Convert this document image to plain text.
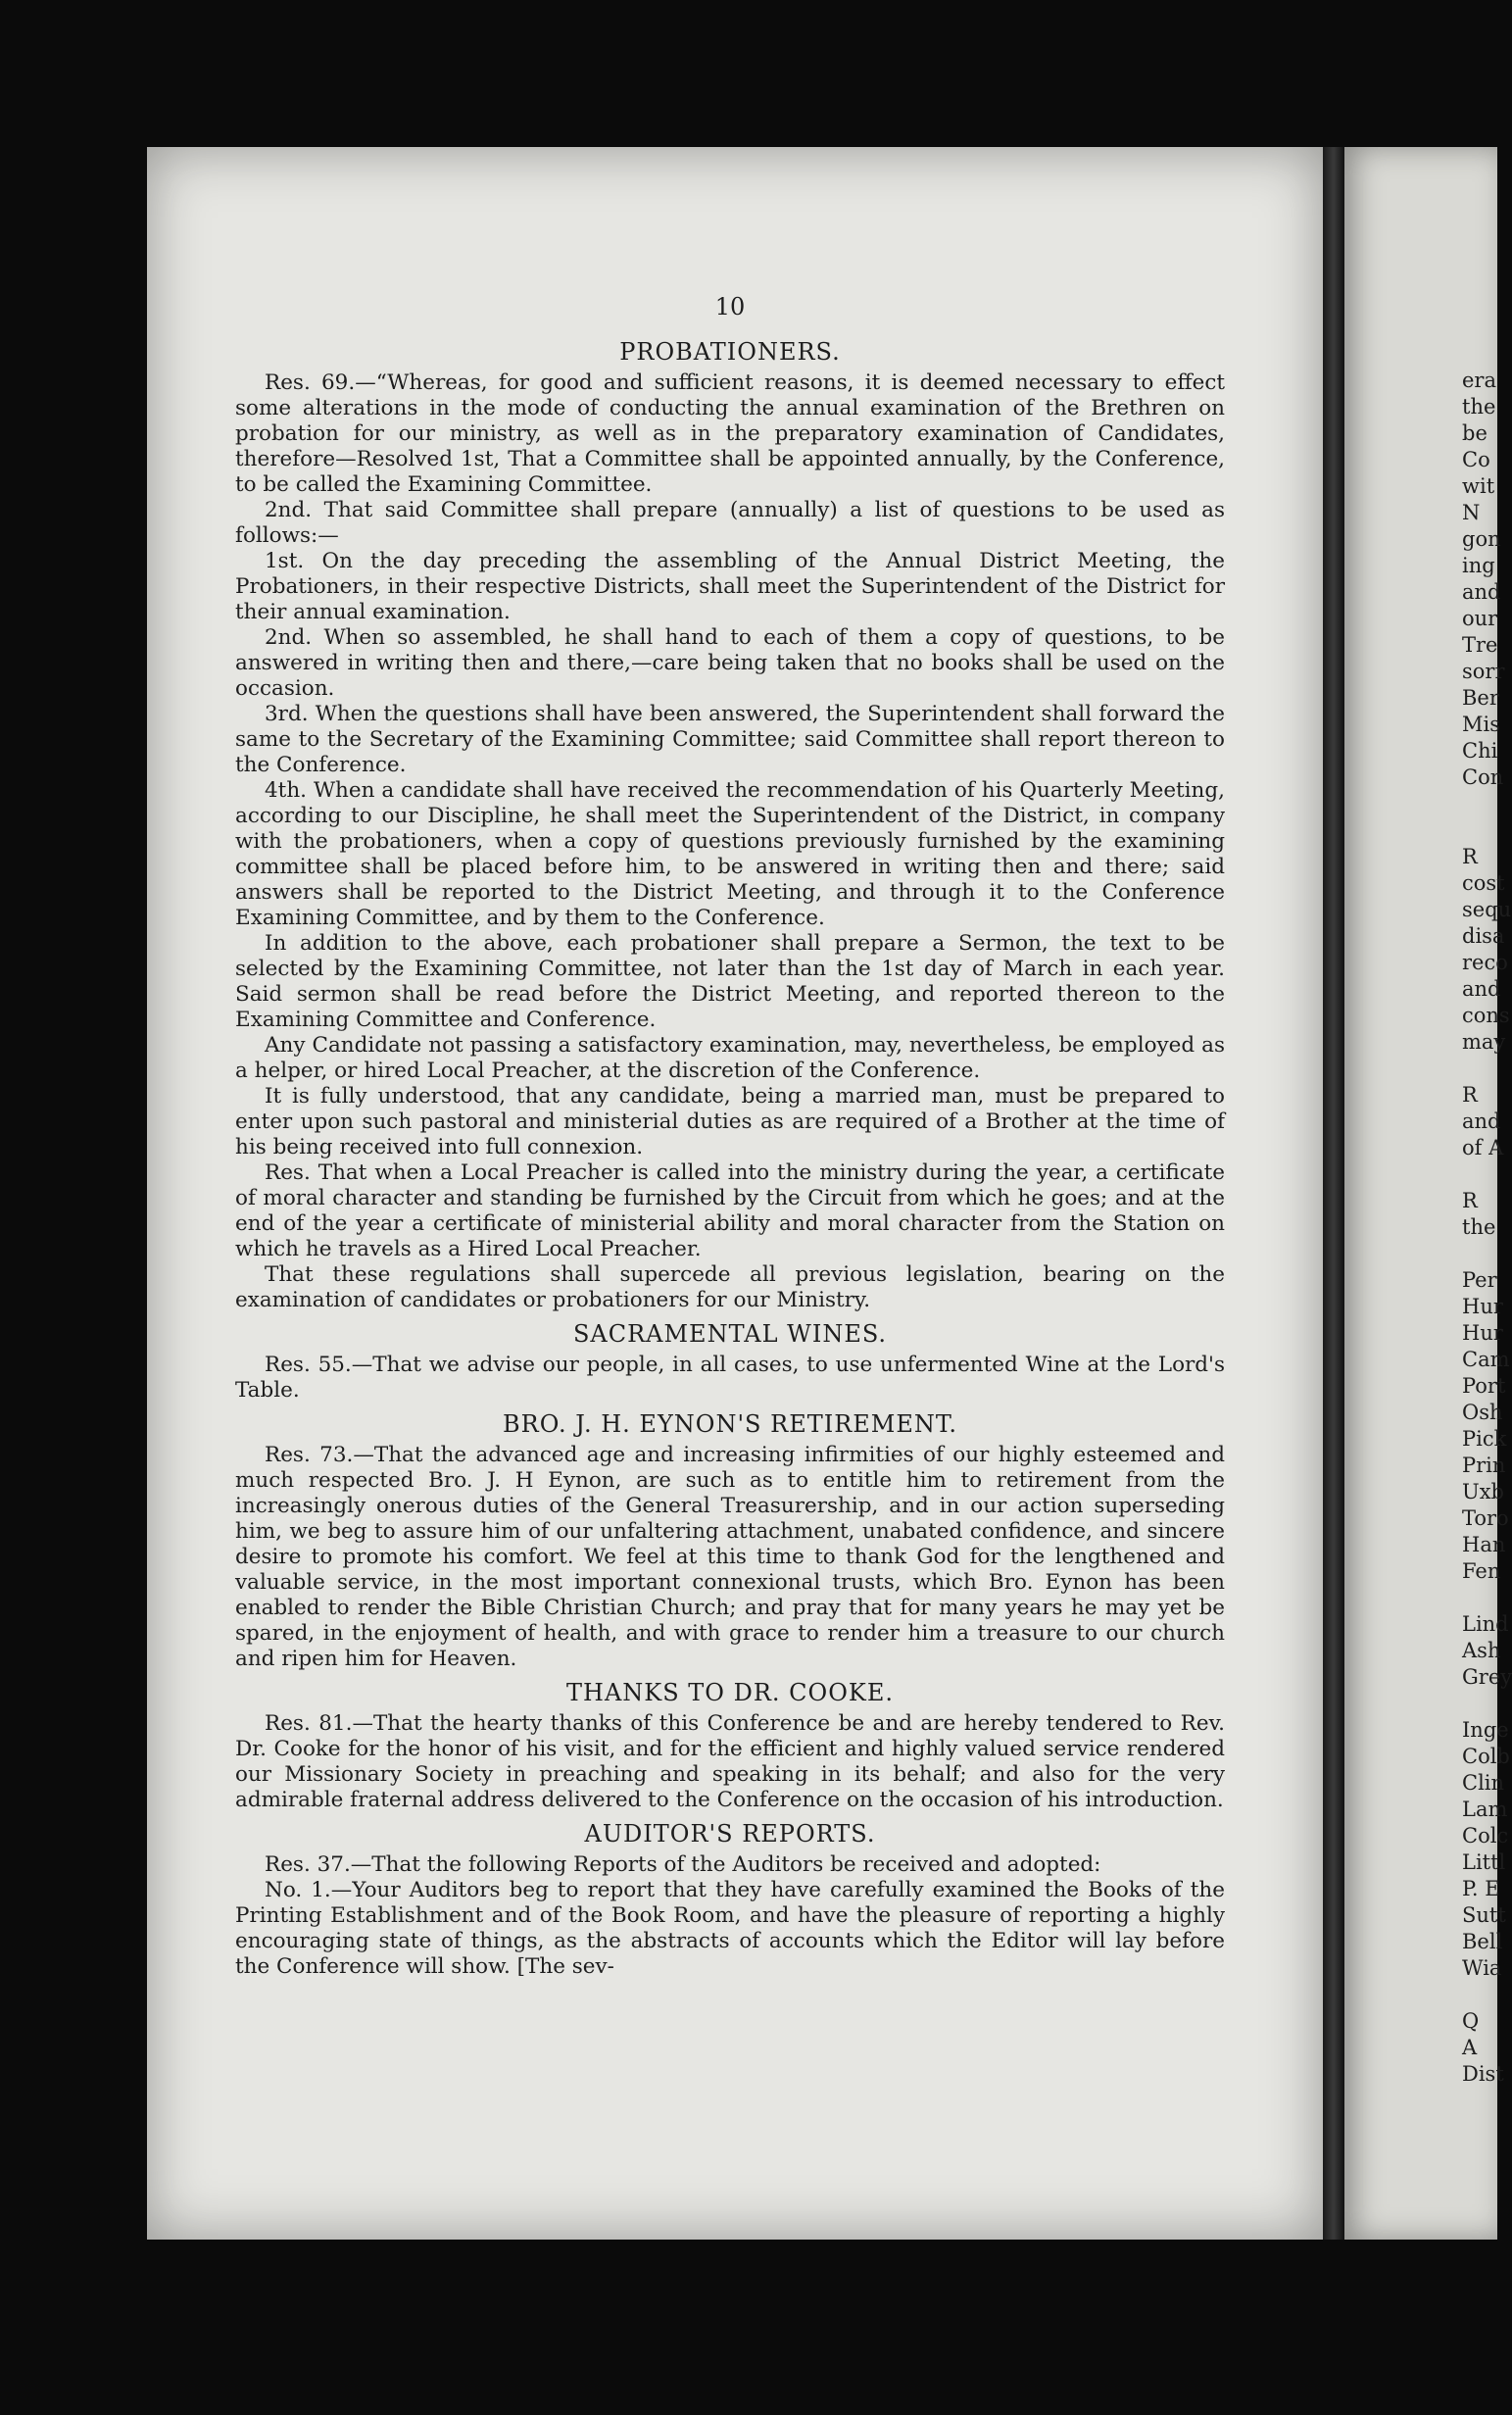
10
PROBATIONERS.

Res. 69.—“Whereas, for good and sufficient reasons, it is deemed necessary to effect some alterations in the mode of conducting the annual examination of the Brethren on probation for our ministry, as well as in the preparatory examination of Candidates, therefore—Resolved 1st, That a Committee shall be appointed annually, by the Conference, to be called the Examining Committee.

2nd. That said Committee shall prepare (annually) a list of questions to be used as follows:—

1st. On the day preceding the assembling of the Annual District Meeting, the Probationers, in their respective Districts, shall meet the Superintendent of the District for their annual examination.

2nd. When so assembled, he shall hand to each of them a copy of questions, to be answered in writing then and there,—care being taken that no books shall be used on the occasion.

3rd. When the questions shall have been answered, the Superintendent shall forward the same to the Secretary of the Examining Committee; said Committee shall report thereon to the Conference.

4th. When a candidate shall have received the recommendation of his Quarterly Meeting, according to our Discipline, he shall meet the Superintendent of the District, in company with the probationers, when a copy of questions previously furnished by the examining committee shall be placed before him, to be answered in writing then and there; said answers shall be reported to the District Meeting, and through it to the Conference Examining Committee, and by them to the Conference.

In addition to the above, each probationer shall prepare a Sermon, the text to be selected by the Examining Committee, not later than the 1st day of March in each year. Said sermon shall be read before the District Meeting, and reported thereon to the Examining Committee and Conference.

Any Candidate not passing a satisfactory examination, may, nevertheless, be employed as a helper, or hired Local Preacher, at the discretion of the Conference.

It is fully understood, that any candidate, being a married man, must be prepared to enter upon such pastoral and ministerial duties as are required of a Brother at the time of his being received into full connexion.

Res. That when a Local Preacher is called into the ministry during the year, a certificate of moral character and standing be furnished by the Circuit from which he goes; and at the end of the year a certificate of ministerial ability and moral character from the Station on which he travels as a Hired Local Preacher.

That these regulations shall supercede all previous legislation, bearing on the examination of candidates or probationers for our Ministry.

SACRAMENTAL WINES.

Res. 55.—That we advise our people, in all cases, to use unfermented Wine at the Lord's Table.

BRO. J. H. EYNON'S RETIREMENT.

Res. 73.—That the advanced age and increasing infirmities of our highly esteemed and much respected Bro. J. H Eynon, are such as to entitle him to retirement from the increasingly onerous duties of the General Treasurership, and in our action superseding him, we beg to assure him of our unfaltering attachment, unabated confidence, and sincere desire to promote his comfort. We feel at this time to thank God for the lengthened and valuable service, in the most important connexional trusts, which Bro. Eynon has been enabled to render the Bible Christian Church; and pray that for many years he may yet be spared, in the enjoyment of health, and with grace to render him a treasure to our church and ripen him for Heaven.

THANKS TO DR. COOKE.

Res. 81.—That the hearty thanks of this Conference be and are hereby tendered to Rev. Dr. Cooke for the honor of his visit, and for the efficient and highly valued service rendered our Missionary Society in preaching and speaking in its behalf; and also for the very admirable fraternal address delivered to the Conference on the occasion of his introduction.

AUDITOR'S REPORTS.

Res. 37.—That the following Reports of the Auditors be received and adopted:

No. 1.—Your Auditors beg to report that they have carefully examined the Books of the Printing Establishment and of the Book Room, and have the pleasure of reporting a highly encouraging state of things, as the abstracts of accounts which the Editor will lay before the Conference will show. [The sev-

era
the
be
Co
wit
N
gon
ing
and
our
Tre
sorr
Ber
Mis
Chi
Con
R
cost
sequ
disa
reco
and
cons
may
R
and
of A
R
the
Per
Hur
Hur
Cam
Port
Osh
Pick
Prin
Uxb
Toro
Han
Fen
Lind
Ash
Grey
Inge
Colb
Clin
Lam
Colc
Littl
P. E
Sutt
Bell
Wia
Q
A
Dist
